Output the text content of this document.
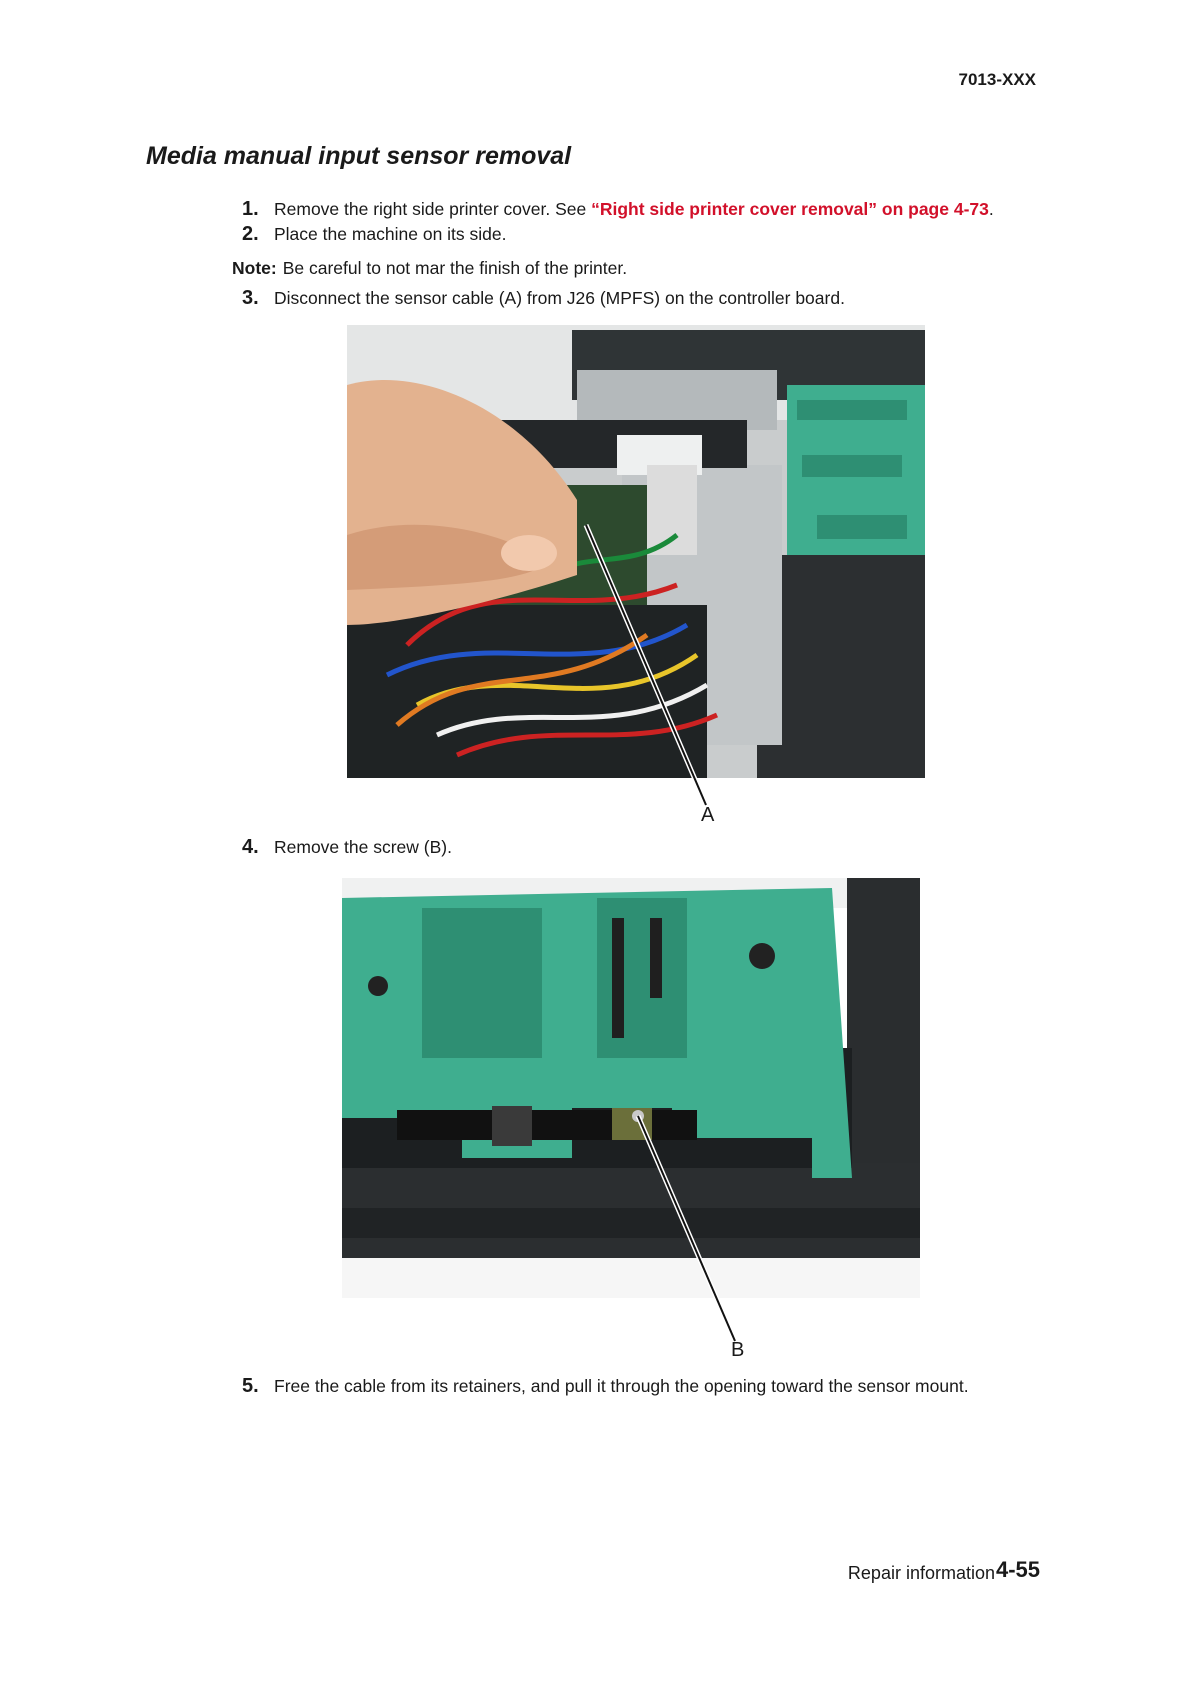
7013-XXX
Media manual input sensor removal
1. Remove the right side printer cover. See “Right side printer cover removal” on page 4-73.
2. Place the machine on its side.
Note: Be careful to not mar the finish of the printer.
3. Disconnect the sensor cable (A) from J26 (MPFS) on the controller board.
A
4. Remove the screw (B).
B
5. Free the cable from its retainers, and pull it through the opening toward the sensor mount.
Repair information 4-55
